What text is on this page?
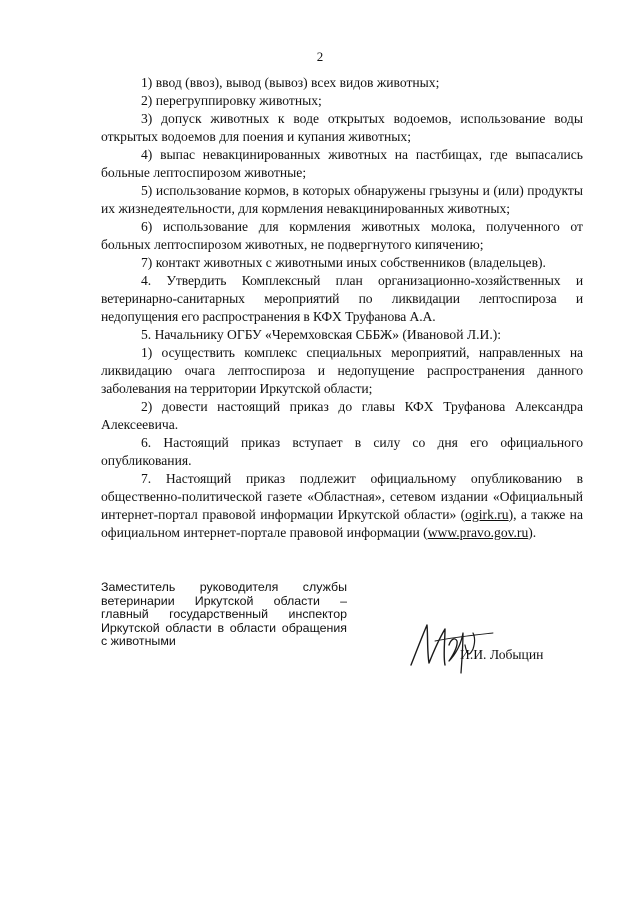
2

1) ввод (ввоз), вывод (вывоз) всех видов животных;

2) перегруппировку животных;

3) допуск животных к воде открытых водоемов, использование воды открытых водоемов для поения и купания животных;

4) выпас невакцинированных животных на пастбищах, где выпасались больные лептоспирозом животные;

5) использование кормов, в которых обнаружены грызуны и (или) продукты их жизнедеятельности, для кормления невакцинированных животных;

6) использование для кормления животных молока, полученного от больных лептоспирозом животных, не подвергнутого кипячению;

7) контакт животных с животными иных собственников (владельцев).

4. Утвердить Комплексный план организационно-хозяйственных и ветеринарно-санитарных мероприятий по ликвидации лептоспироза и недопущения его распространения в КФХ Труфанова А.А.

5. Начальнику ОГБУ «Черемховская СББЖ» (Ивановой Л.И.):

1) осуществить комплекс специальных мероприятий, направленных на ликвидацию очага лептоспироза и недопущение распространения данного заболевания на территории Иркутской области;

2) довести настоящий приказ до главы КФХ Труфанова Александра Алексеевича.

6. Настоящий приказ вступает в силу со дня его официального опубликования.

7. Настоящий приказ подлежит официальному опубликованию в общественно-политической газете «Областная», сетевом издании «Официальный интернет-портал правовой информации Иркутской области» (ogirk.ru), а также на официальном интернет-портале правовой информации (www.pravo.gov.ru).

Заместитель руководителя службы ветеринарии Иркутской области – главный государственный инспектор Иркутской области в области обращения с животными

И.И. Лобыцин
